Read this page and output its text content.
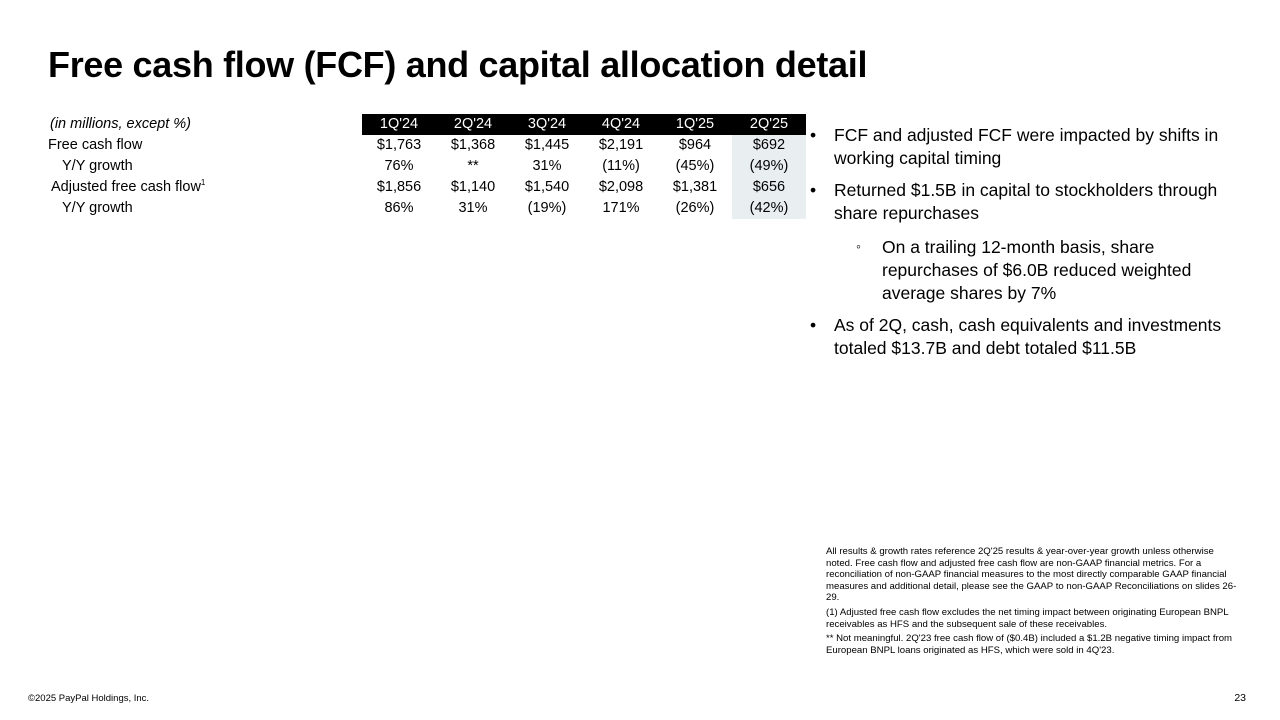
Free cash flow (FCF) and capital allocation detail
(in millions, except %)	1Q'24	2Q'24	3Q'24	4Q'24	1Q'25	2Q'25
Free cash flow	$1,763	$1,368	$1,445	$2,191	$964	$692
Y/Y growth	76%	**	31%	(11%)	(45%)	(49%)
Adjusted free cash flow$^1$	$1,856	$1,140	$1,540	$2,098	$1,381	$656
Y/Y growth	86%	31%	(19%)	171%	(26%)	(42%)
• FCF and adjusted FCF were impacted by shifts in working capital timing
• Returned $1.5B in capital to stockholders through share repurchases
◦ On a trailing 12-month basis, share repurchases of $6.0B reduced weighted average shares by 7%
• As of 2Q, cash, cash equivalents and investments totaled $13.7B and debt totaled $11.5B

All results & growth rates reference 2Q'25 results & year-over-year growth unless otherwise noted. Free cash flow and adjusted free cash flow are non-GAAP financial metrics. For a reconciliation of non-GAAP financial measures to the most directly comparable GAAP financial measures and additional detail, please see the GAAP to non-GAAP Reconciliations on slides 26-29.

(1) Adjusted free cash flow excludes the net timing impact between originating European BNPL receivables as HFS and the subsequent sale of these receivables.

** Not meaningful. 2Q'23 free cash flow of ($0.4B) included a $1.2B negative timing impact from European BNPL loans originated as HFS, which were sold in 4Q'23.

©2025 PayPal Holdings, Inc.	23
